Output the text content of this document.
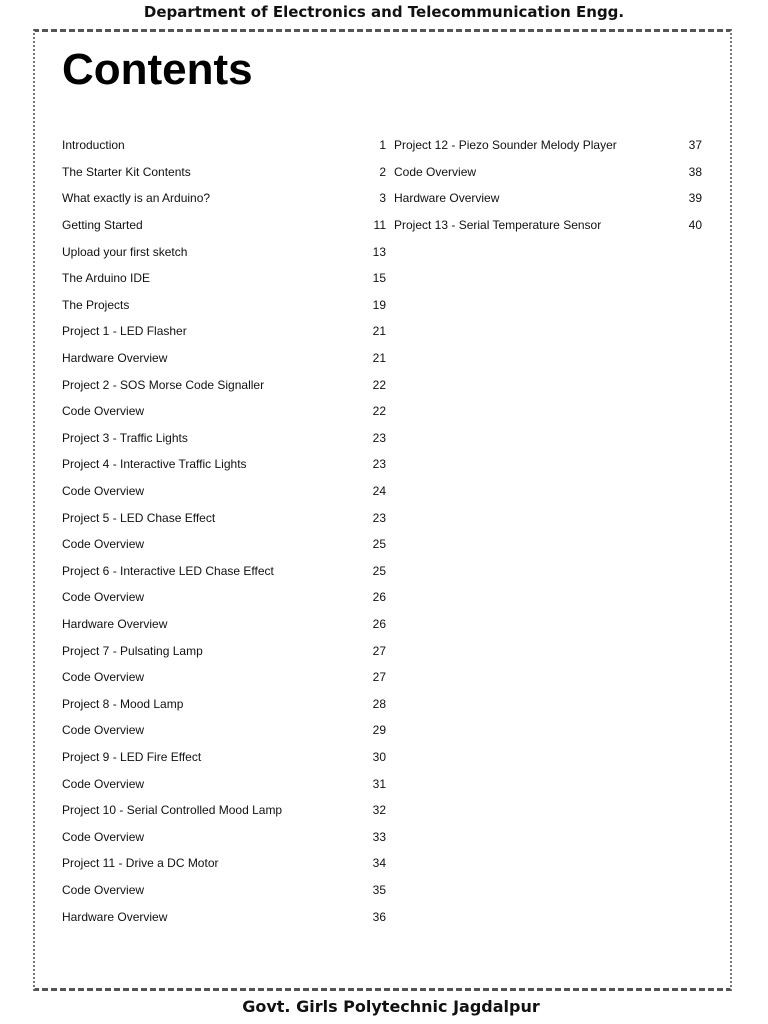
Department of Electronics and Telecommunication Engg.
Contents
Introduction	1
The Starter Kit Contents	2
What exactly is an Arduino?	3
Getting Started	11
Upload your first sketch	13
The Arduino IDE	15
The Projects	19
Project 1 - LED Flasher	21
Hardware Overview	21
Project 2 - SOS Morse Code Signaller	22
Code Overview	22
Project 3 - Traffic Lights	23
Project 4 - Interactive Traffic Lights	23
Code Overview	24
Project 5 - LED Chase Effect	23
Code Overview	25
Project 6 - Interactive LED Chase Effect	25
Code Overview	26
Hardware Overview	26
Project 7 - Pulsating Lamp	27
Code Overview	27
Project 8 - Mood Lamp	28
Code Overview	29
Project 9 - LED Fire Effect	30
Code Overview	31
Project 10 - Serial Controlled Mood Lamp	32
Code Overview	33
Project 11 - Drive a DC Motor	34
Code Overview	35
Hardware Overview	36
Project 12 - Piezo Sounder Melody Player	37
Code Overview	38
Hardware Overview	39
Project 13 - Serial Temperature Sensor	40
Govt. Girls Polytechnic Jagdalpur
